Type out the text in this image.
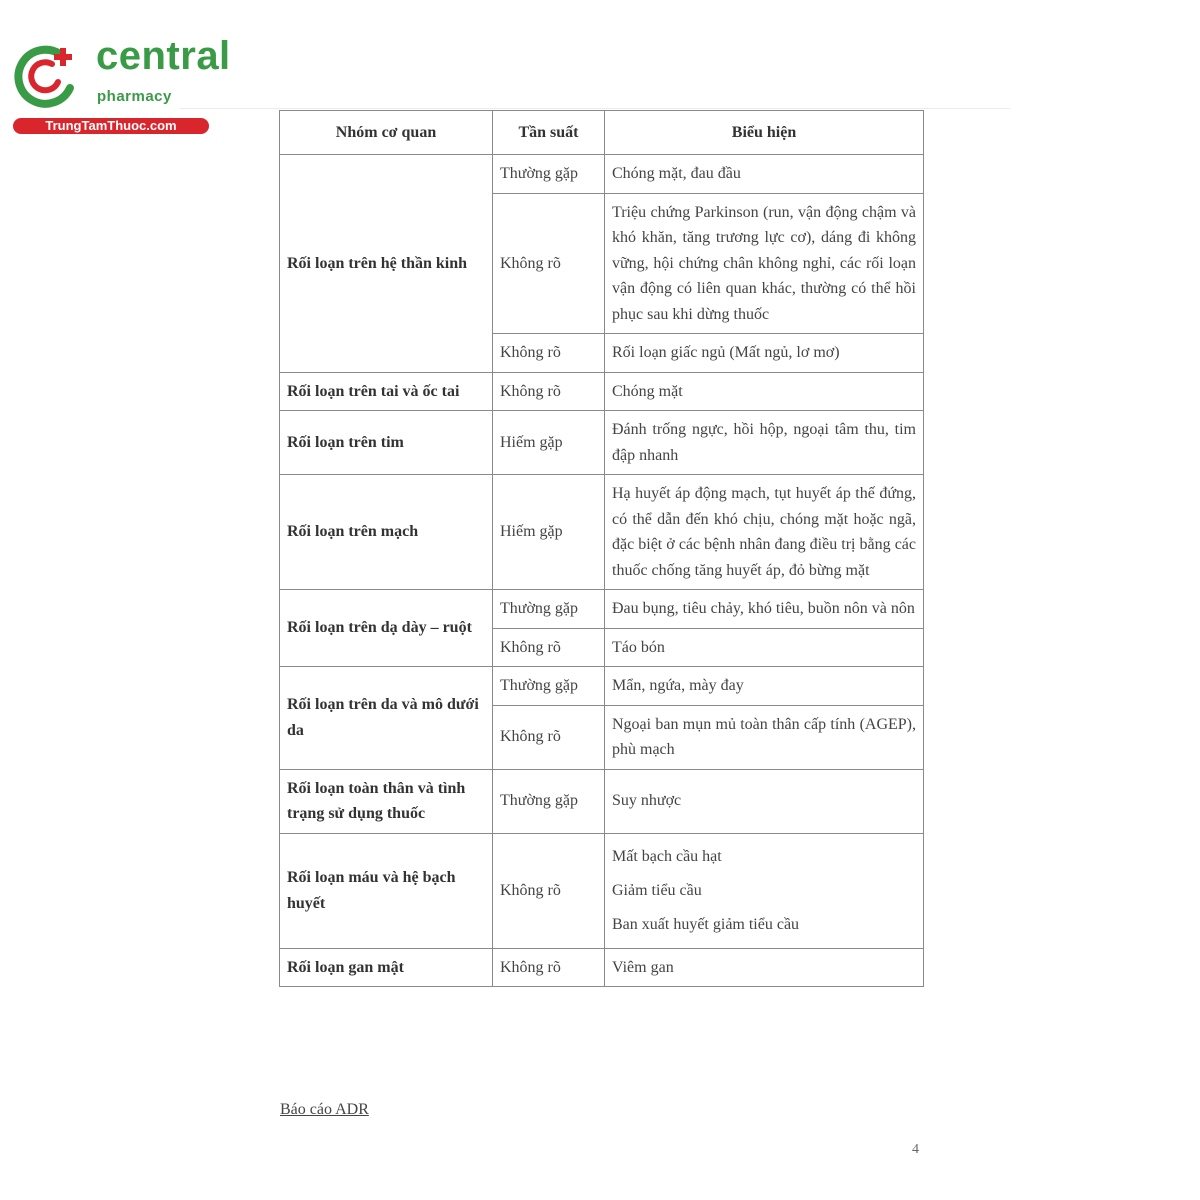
central
pharmacy
TrungTamThuoc.com	Nhóm cơ quan	Tần suất	Biểu hiện
Rối loạn trên hệ thần kinh	Thường gặp	Chóng mặt, đau đầu
	Không rõ	Triệu chứng Parkinson (run, vận động chậm và khó khăn, tăng trương lực cơ), dáng đi không vững, hội chứng chân không nghỉ, các rối loạn vận động có liên quan khác, thường có thể hồi phục sau khi dừng thuốc
	Không rõ	Rối loạn giấc ngủ (Mất ngủ, lơ mơ)
Rối loạn trên tai và ốc tai	Không rõ	Chóng mặt
Rối loạn trên tim	Hiếm gặp	Đánh trống ngực, hồi hộp, ngoại tâm thu, tim đập nhanh
Rối loạn trên mạch	Hiếm gặp	Hạ huyết áp động mạch, tụt huyết áp thế đứng, có thể dẫn đến khó chịu, chóng mặt hoặc ngã, đặc biệt ở các bệnh nhân đang điều trị bằng các thuốc chống tăng huyết áp, đỏ bừng mặt
Rối loạn trên dạ dày – ruột	Thường gặp	Đau bụng, tiêu chảy, khó tiêu, buồn nôn và nôn
	Không rõ	Táo bón
Rối loạn trên da và mô dưới da	Thường gặp	Mẩn, ngứa, mày đay
	Không rõ	Ngoại ban mụn mủ toàn thân cấp tính (AGEP), phù mạch
Rối loạn toàn thân và tình trạng sử dụng thuốc	Thường gặp	Suy nhược
Rối loạn máu và hệ bạch huyết	Không rõ	Mất bạch cầu hạt
Giảm tiểu cầu
Ban xuất huyết giảm tiểu cầu

Rối loạn gan mật	Không rõ	Viêm gan
Báo cáo ADR
4
